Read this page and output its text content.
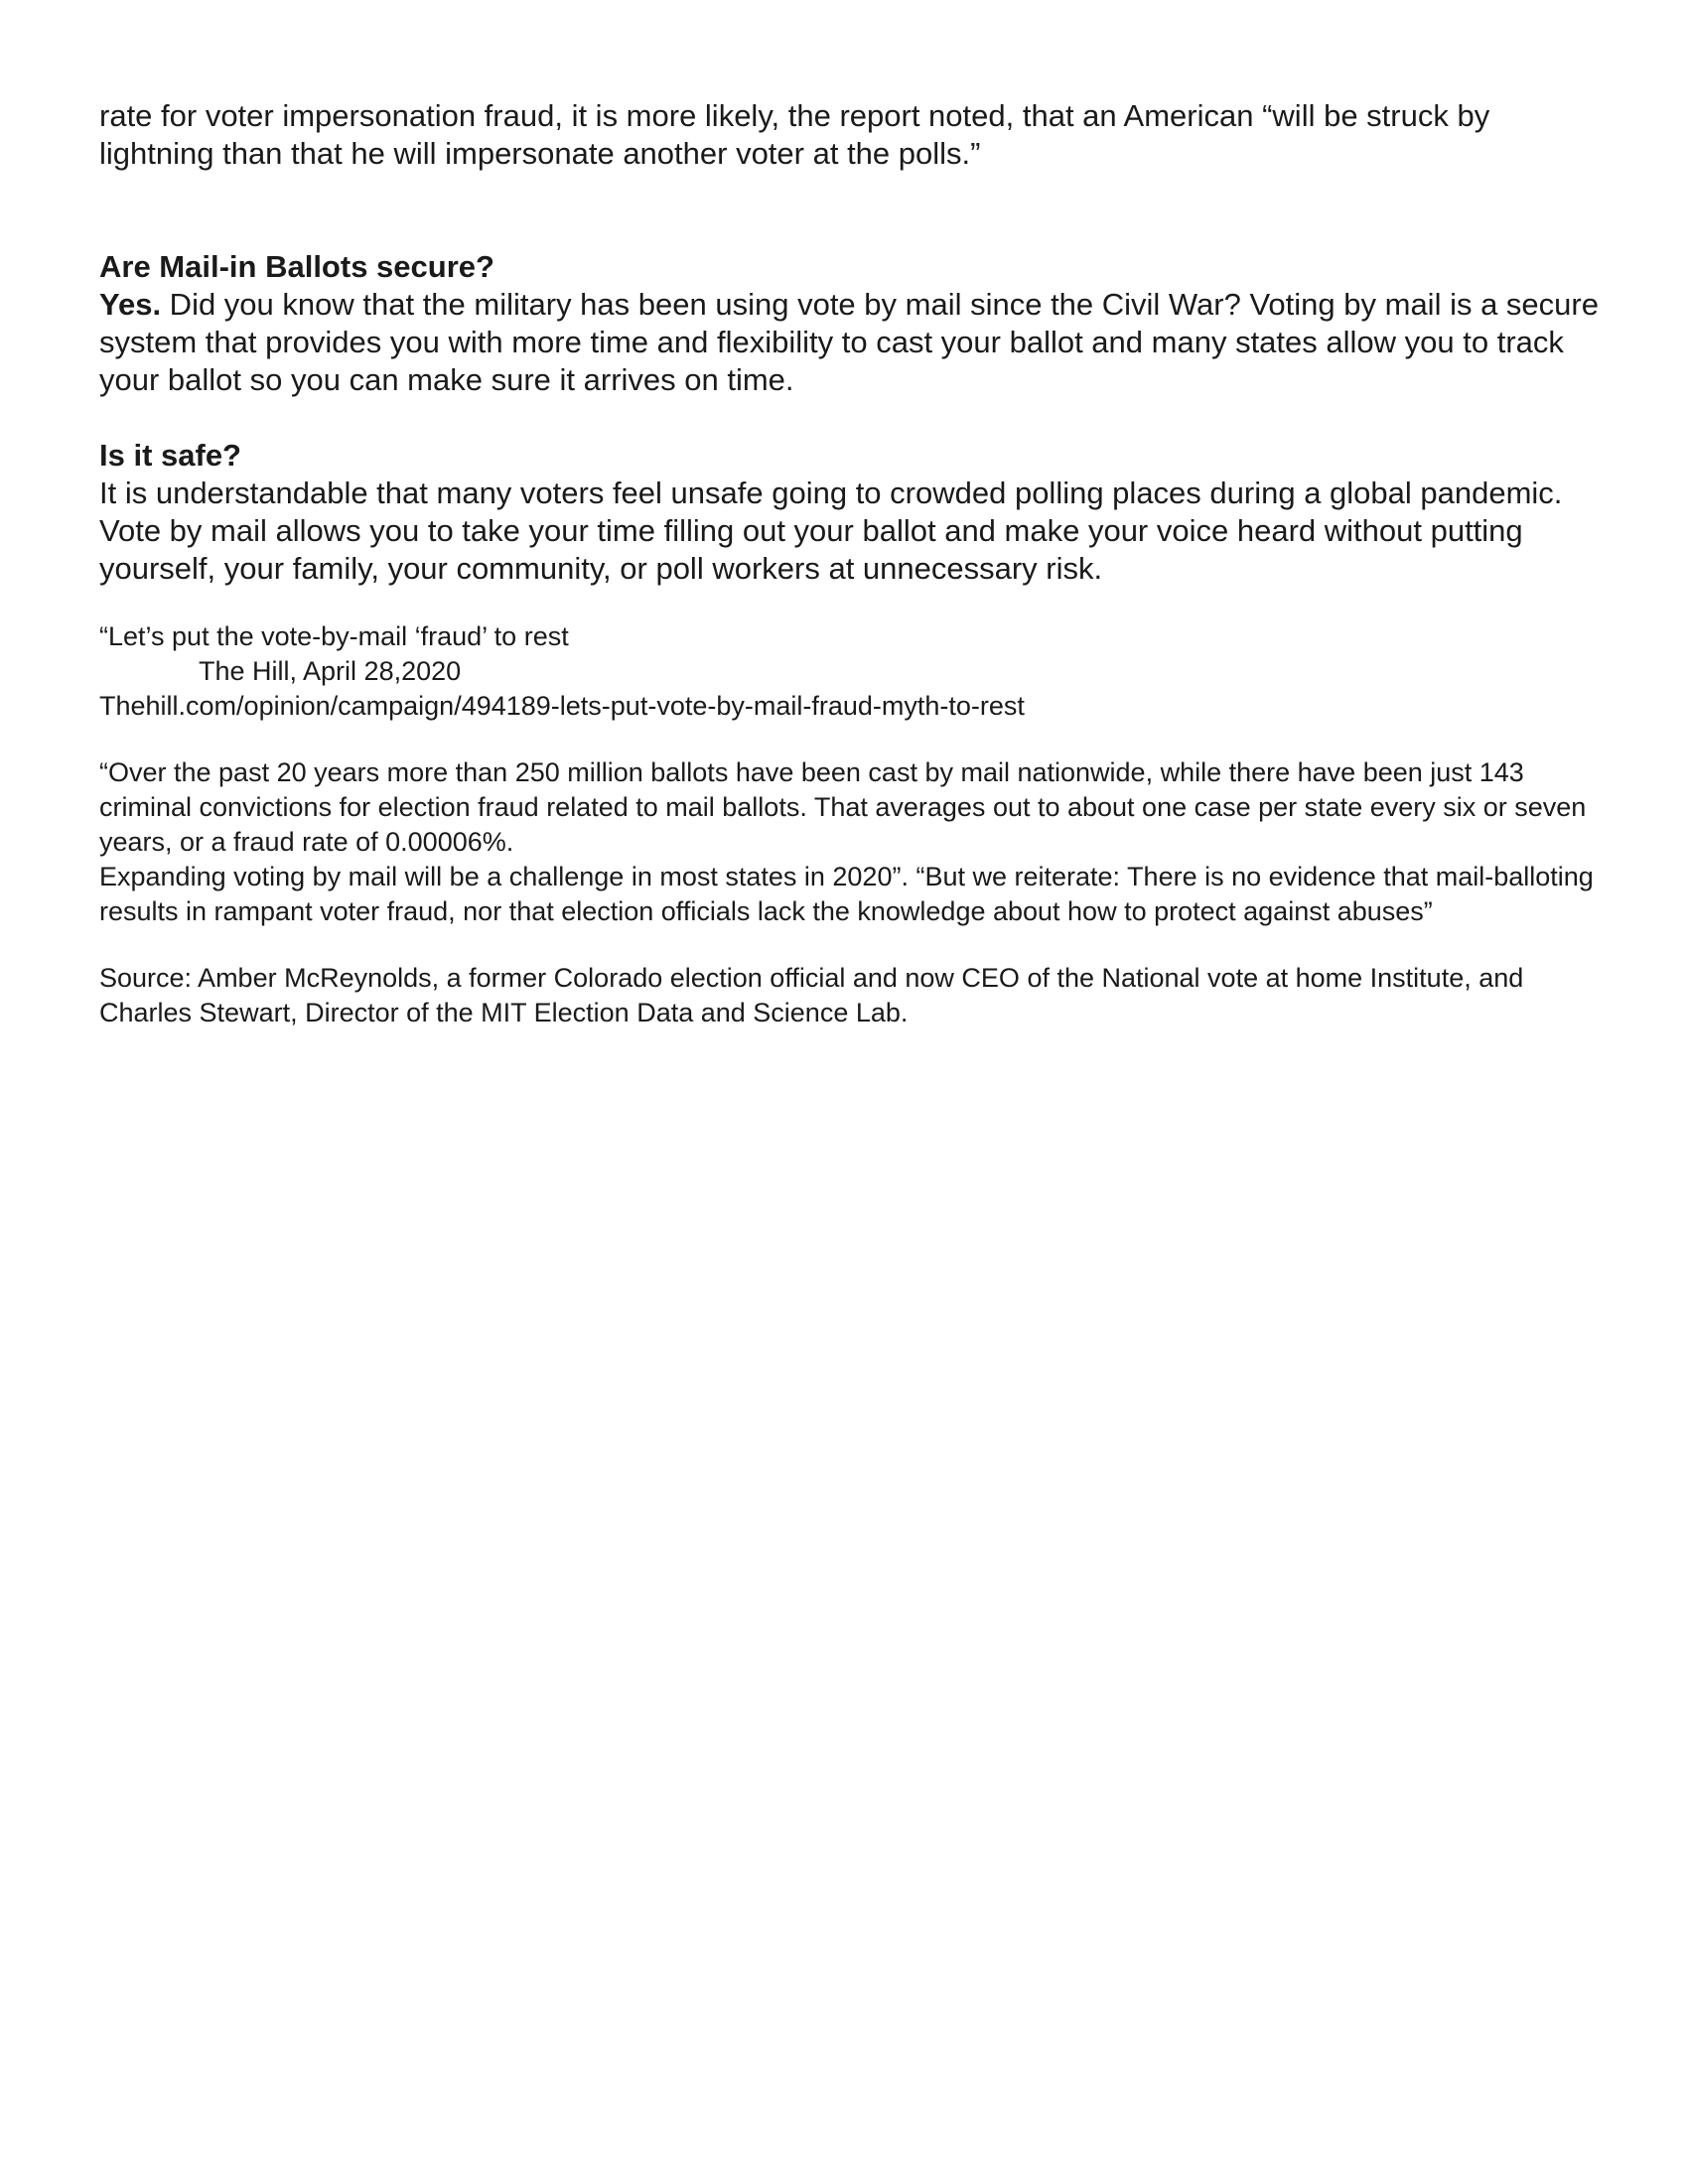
rate for voter impersonation fraud, it is more likely, the report noted, that an American “will be struck by lightning than that he will impersonate another voter at the polls.”

Are Mail-in Ballots secure?

Yes. Did you know that the military has been using vote by mail since the Civil War? Voting by mail is a secure system that provides you with more time and flexibility to cast your ballot and many states allow you to track your ballot so you can make sure it arrives on time.

Is it safe?

It is understandable that many voters feel unsafe going to crowded polling places during a global pandemic. Vote by mail allows you to take your time filling out your ballot and make your voice heard without putting yourself, your family, your community, or poll workers at unnecessary risk.

“Let’s put the vote-by-mail ‘fraud’ to rest

The Hill, April 28,2020

Thehill.com/opinion/campaign/494189-lets-put-vote-by-mail-fraud-myth-to-rest

“Over the past 20 years more than 250 million ballots have been cast by mail nationwide, while there have been just 143 criminal convictions for election fraud related to mail ballots. That averages out to about one case per state every six or seven years, or a fraud rate of 0.00006%.

Expanding voting by mail will be a challenge in most states in 2020”. “But we reiterate: There is no evidence that mail-balloting results in rampant voter fraud, nor that election officials lack the knowledge about how to protect against abuses”

Source: Amber McReynolds, a former Colorado election official and now CEO of the National vote at home Institute, and Charles Stewart, Director of the MIT Election Data and Science Lab.
